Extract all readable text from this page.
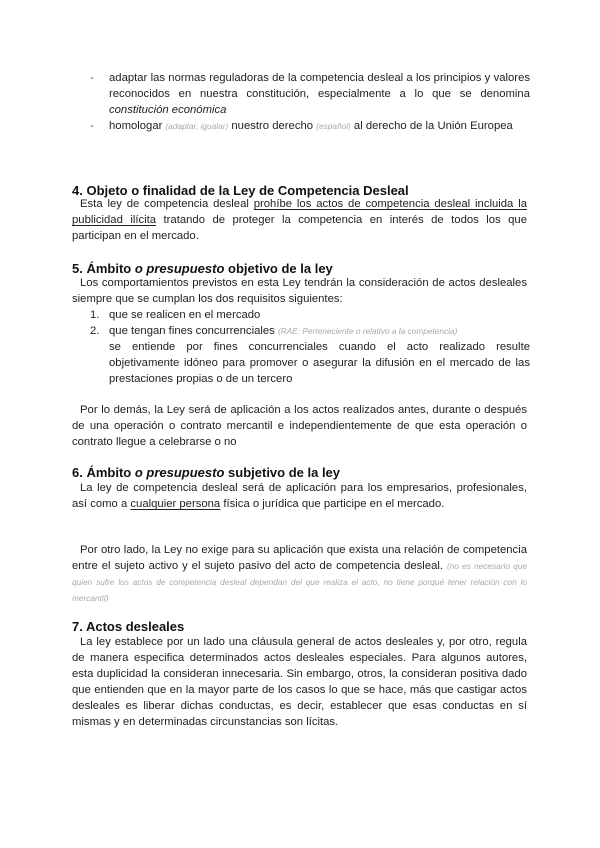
- adaptar las normas reguladoras de la competencia desleal a los principios y valores reconocidos en nuestra constitución, especialmente a lo que se denomina constitución económica
- homologar (adaptar, igualar) nuestro derecho (español) al derecho de la Unión Europea
4. Objeto o finalidad de la Ley de Competencia Desleal
Esta ley de competencia desleal prohíbe los actos de competencia desleal incluida la publicidad ilícita tratando de proteger la competencia en interés de todos los que participan en el mercado.
5. Ámbito o presupuesto objetivo de la ley
Los comportamientos previstos en esta Ley tendrán la consideración de actos desleales siempre que se cumplan los dos requisitos siguientes:
1. que se realicen en el mercado
2. que tengan fines concurrenciales (RAE: Perteneciente o relativo a la competencia)
se entiende por fines concurrenciales cuando el acto realizado resulte objetivamente idóneo para promover o asegurar la difusión en el mercado de las prestaciones propias o de un tercero
Por lo demás, la Ley será de aplicación a los actos realizados antes, durante o después de una operación o contrato mercantil e independientemente de que esta operación o contrato llegue a celebrarse o no
6. Ámbito o presupuesto subjetivo de la ley
La ley de competencia desleal será de aplicación para los empresarios, profesionales, así como a cualquier persona física o jurídica que participe en el mercado.
Por otro lado, la Ley no exige para su aplicación que exista una relación de competencia entre el sujeto activo y el sujeto pasivo del acto de competencia desleal. (no es necesario que quien sufre los actos de competencia desleal dependan del que realiza el acto, no tiene porqué tener relación con lo mercantil)
7. Actos desleales
La ley establece por un lado una cláusula general de actos desleales y, por otro, regula de manera especifica determinados actos desleales especiales. Para algunos autores, esta duplicidad la consideran innecesaria. Sin embargo, otros, la consideran positiva dado que entienden que en la mayor parte de los casos lo que se hace, más que castigar actos desleales es liberar dichas conductas, es decir, establecer que esas conductas en sí mismas y en determinadas circunstancias son lícitas.
